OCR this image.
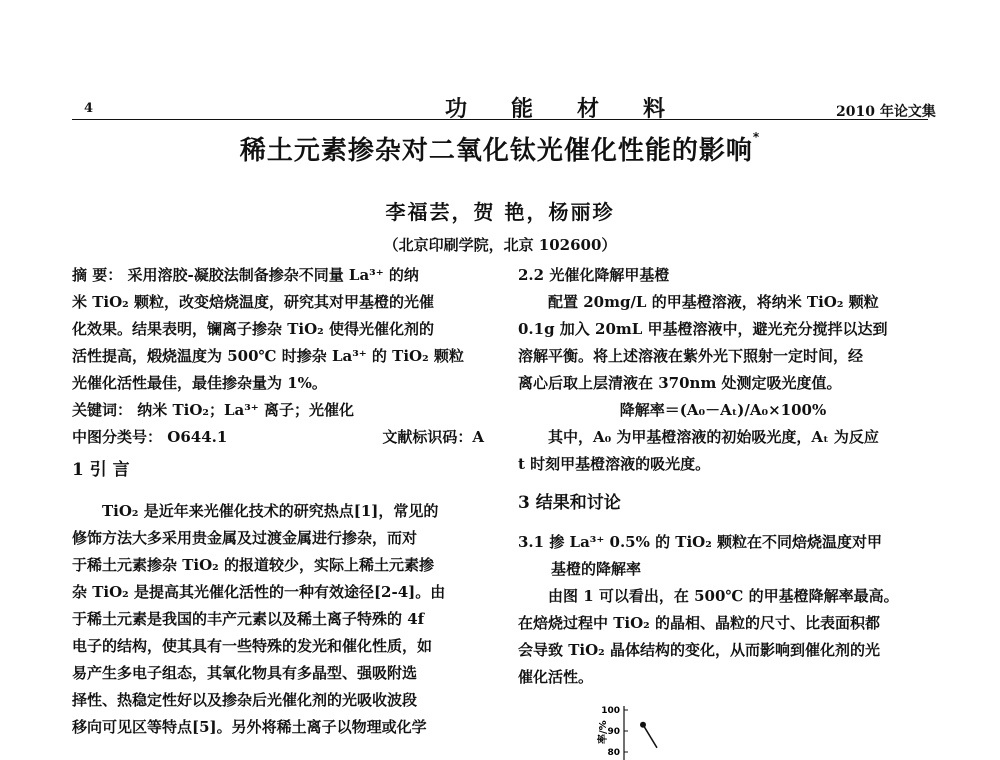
4	功能材料	2010 年论文集
稀土元素掺杂对二氧化钛光催化性能的影响*
李福芸，贺 艳，杨丽珍
（北京印刷学院，北京 102600）

摘 要： 采用溶胶-凝胶法制备掺杂不同量 La³⁺ 的纳

米 TiO₂ 颗粒，改变焙烧温度，研究其对甲基橙的光催

化效果。结果表明，镧离子掺杂 TiO₂ 使得光催化剂的

活性提高，煅烧温度为 500℃ 时掺杂 La³⁺ 的 TiO₂ 颗粒

光催化活性最佳，最佳掺杂量为 1%。

关键词： 纳米 TiO₂；La³⁺ 离子；光催化

中图分类号： O644.1	文献标识码：A

1 引 言

TiO₂ 是近年来光催化技术的研究热点[1]，常见的

修饰方法大多采用贵金属及过渡金属进行掺杂，而对

于稀土元素掺杂 TiO₂ 的报道较少，实际上稀土元素掺

杂 TiO₂ 是提高其光催化活性的一种有效途径[2-4]。由

于稀土元素是我国的丰产元素以及稀土离子特殊的 4f

电子的结构，使其具有一些特殊的发光和催化性质，如

易产生多电子组态，其氧化物具有多晶型、强吸附选

择性、热稳定性好以及掺杂后光催化剂的光吸收波段

移向可见区等特点[5]。另外将稀土离子以物理或化学

2.2 光催化降解甲基橙

配置 20mg/L 的甲基橙溶液，将纳米 TiO₂ 颗粒

0.1g 加入 20mL 甲基橙溶液中，避光充分搅拌以达到

溶解平衡。将上述溶液在紫外光下照射一定时间，经

离心后取上层清液在 370nm 处测定吸光度值。

降解率＝(A₀－Aₜ)/A₀×100%

其中，A₀ 为甲基橙溶液的初始吸光度，Aₜ 为反应

t 时刻甲基橙溶液的吸光度。

3 结果和讨论

3.1 掺 La³⁺ 0.5% 的 TiO₂ 颗粒在不同焙烧温度对甲

基橙的降解率

由图 1 可以看出，在 500℃ 的甲基橙降解率最高。

在焙烧过程中 TiO₂ 的晶相、晶粒的尺寸、比表面积都

会导致 TiO₂ 晶体结构的变化，从而影响到催化剂的光

催化活性。

率/%
100
90
80
